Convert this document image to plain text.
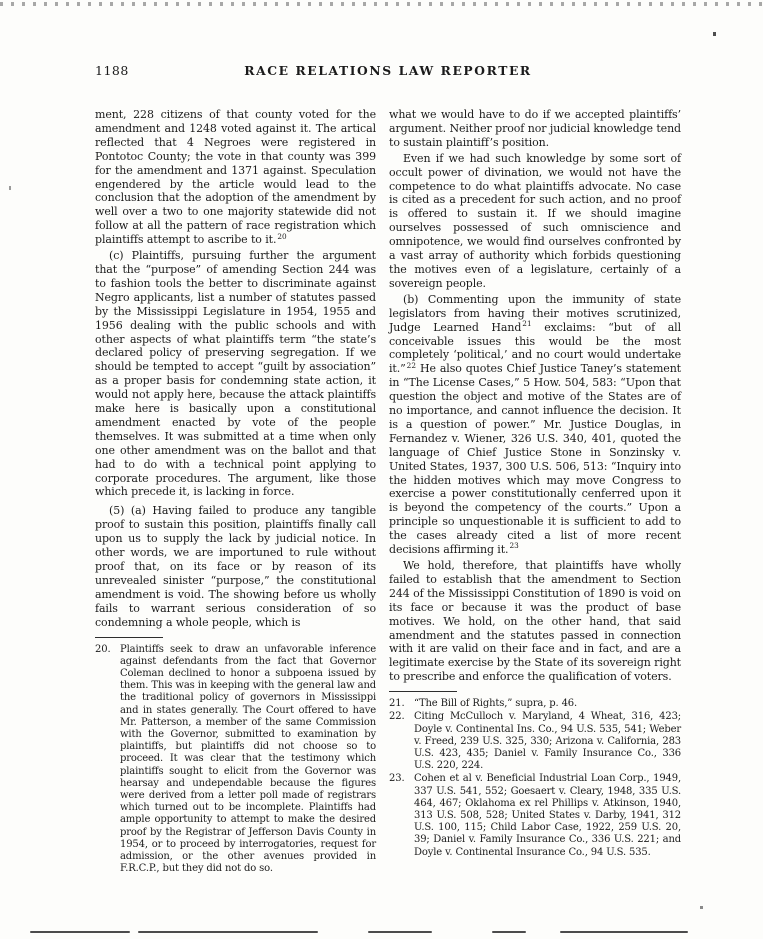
1188	RACE RELATIONS LAW REPORTER

ment, 228 citizens of that county voted for the amendment and 1248 voted against it. The artical reflected that 4 Negroes were registered in Pontotoc County; the vote in that county was 399 for the amendment and 1371 against. Speculation engendered by the article would lead to the conclusion that the adoption of the amendment by well over a two to one majority statewide did not follow at all the pattern of race registration which plaintiffs attempt to ascribe to it.$^{20}$

(c) Plaintiffs, pursuing further the argument that the “purpose” of amending Section 244 was to fashion tools the better to discriminate against Negro applicants, list a number of statutes passed by the Mississippi Legislature in 1954, 1955 and 1956 dealing with the public schools and with other aspects of what plaintiffs term “the state’s declared policy of preserving segregation. If we should be tempted to accept “guilt by association” as a proper basis for condemning state action, it would not apply here, because the attack plaintiffs make here is basically upon a constitutional amendment enacted by vote of the people themselves. It was submitted at a time when only one other amendment was on the ballot and that had to do with a technical point applying to corporate procedures. The argument, like those which precede it, is lacking in force.

(5) (a) Having failed to produce any tangible proof to sustain this position, plaintiffs finally call upon us to supply the lack by judicial notice. In other words, we are importuned to rule without proof that, on its face or by reason of its unrevealed sinister “purpose,” the constitutional amendment is void. The showing before us wholly fails to warrant serious consideration of so condemning a whole people, which is

20. Plaintiffs seek to draw an unfavorable inference against defendants from the fact that Governor Coleman declined to honor a subpoena issued by them. This was in keeping with the general law and the traditional policy of governors in Mississippi and in states generally. The Court offered to have Mr. Patterson, a member of the same Commission with the Governor, submitted to examination by plaintiffs, but plaintiffs did not choose so to proceed. It was clear that the testimony which plaintiffs sought to elicit from the Governor was hearsay and undependable because the figures were derived from a letter poll made of registrars which turned out to be incomplete. Plaintiffs had ample opportunity to attempt to make the desired proof by the Registrar of Jefferson Davis County in 1954, or to proceed by interrogatories, request for admission, or the other avenues provided in F.R.C.P., but they did not do so.

what we would have to do if we accepted plaintiffs’ argument. Neither proof nor judicial knowledge tend to sustain plaintiff’s position.

Even if we had such knowledge by some sort of occult power of divination, we would not have the competence to do what plaintiffs advocate. No case is cited as a precedent for such action, and no proof is offered to sustain it. If we should imagine ourselves possessed of such omniscience and omnipotence, we would find ourselves confronted by a vast array of authority which forbids questioning the motives even of a legislature, certainly of a sovereign people.

(b) Commenting upon the immunity of state legislators from having their motives scrutinized, Judge Learned Hand$^{21}$ exclaims: “but of all conceivable issues this would be the most completely ‘political,’ and no court would undertake it.”$^{22}$ He also quotes Chief Justice Taney’s statement in “The License Cases,” 5 How. 504, 583: “Upon that question the object and motive of the States are of no importance, and cannot influence the decision. It is a question of power.” Mr. Justice Douglas, in Fernandez v. Wiener, 326 U.S. 340, 401, quoted the language of Chief Justice Stone in Sonzinsky v. United States, 1937, 300 U.S. 506, 513: “Inquiry into the hidden motives which may move Congress to exercise a power constitutionally cenferred upon it is beyond the competency of the courts.” Upon a principle so unquestionable it is sufficient to add to the cases already cited a list of more recent decisions affirming it.$^{23}$

We hold, therefore, that plaintiffs have wholly failed to establish that the amendment to Section 244 of the Mississippi Constitution of 1890 is void on its face or because it was the product of base motives. We hold, on the other hand, that said amendment and the statutes passed in connection with it are valid on their face and in fact, and are a legitimate exercise by the State of its sovereign right to prescribe and enforce the qualification of voters.

21. “The Bill of Rights,” supra, p. 46.
22. Citing McCulloch v. Maryland, 4 Wheat, 316, 423; Doyle v. Continental Ins. Co., 94 U.S. 535, 541; Weber v. Freed, 239 U.S. 325, 330; Arizona v. California, 283 U.S. 423, 435; Daniel v. Family Insurance Co., 336 U.S. 220, 224.
23. Cohen et al v. Beneficial Industrial Loan Corp., 1949, 337 U.S. 541, 552; Goesaert v. Cleary, 1948, 335 U.S. 464, 467; Oklahoma ex rel Phillips v. Atkinson, 1940, 313 U.S. 508, 528; United States v. Darby, 1941, 312 U.S. 100, 115; Child Labor Case, 1922, 259 U.S. 20, 39; Daniel v. Family Insurance Co., 336 U.S. 221; and Doyle v. Continental Insurance Co., 94 U.S. 535.
